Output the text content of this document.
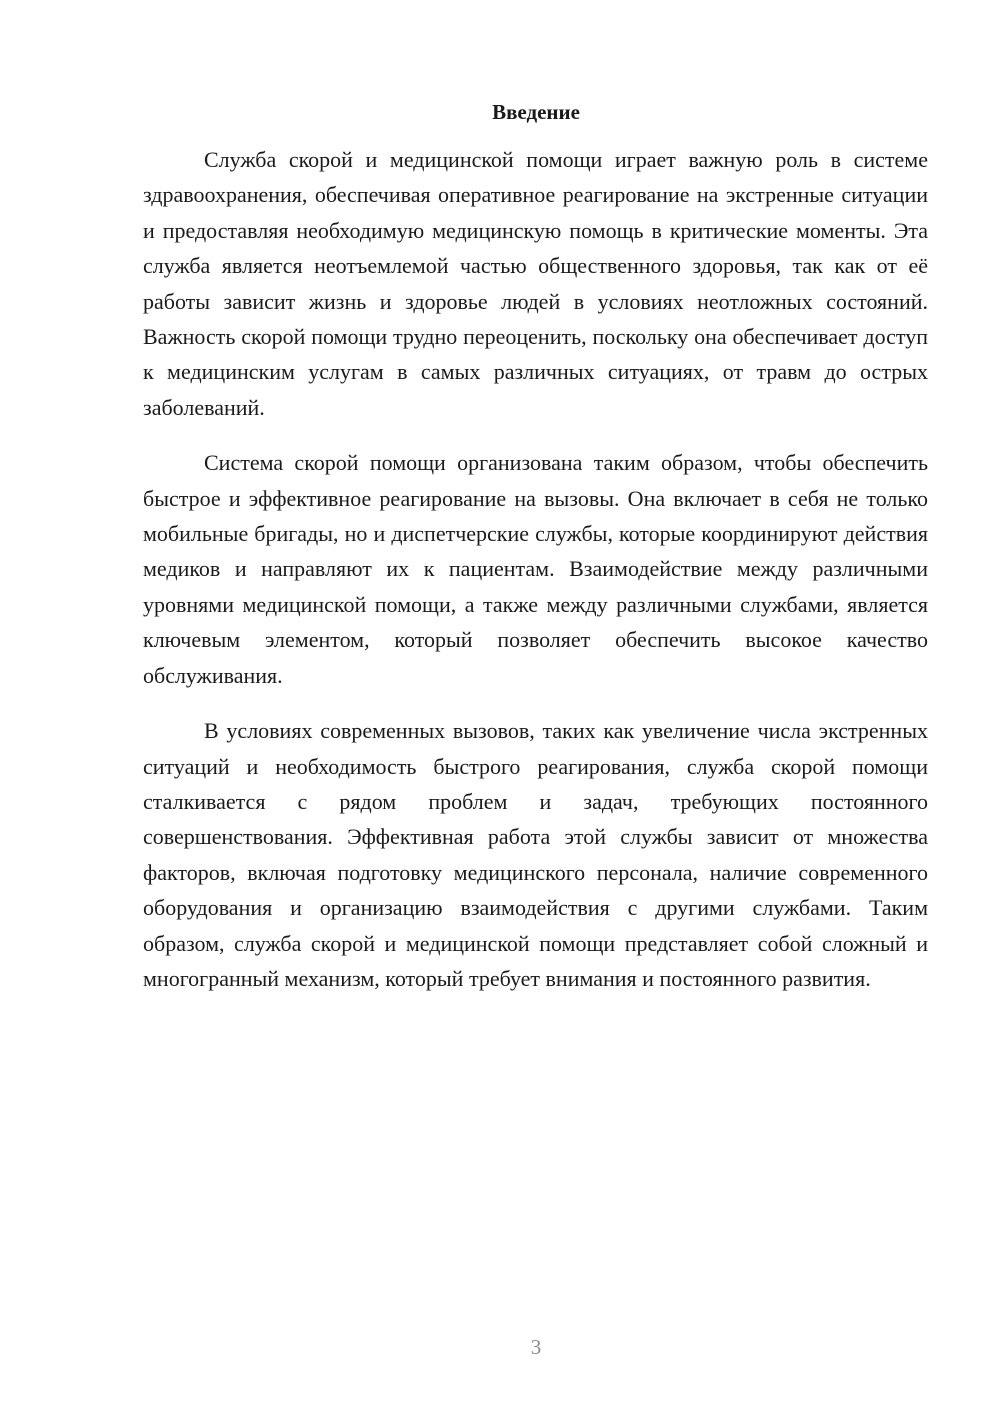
Введение

Служба скорой и медицинской помощи играет важную роль в системе здравоохранения, обеспечивая оперативное реагирование на экстренные ситуации и предоставляя необходимую медицинскую помощь в критические моменты. Эта служба является неотъемлемой частью общественного здоровья, так как от её работы зависит жизнь и здоровье людей в условиях неотложных состояний. Важность скорой помощи трудно переоценить, поскольку она обеспечивает доступ к медицинским услугам в самых различных ситуациях, от травм до острых заболеваний.

Система скорой помощи организована таким образом, чтобы обеспечить быстрое и эффективное реагирование на вызовы. Она включает в себя не только мобильные бригады, но и диспетчерские службы, которые координируют действия медиков и направляют их к пациентам. Взаимодействие между различными уровнями медицинской помощи, а также между различными службами, является ключевым элементом, который позволяет обеспечить высокое качество обслуживания.

В условиях современных вызовов, таких как увеличение числа экстренных ситуаций и необходимость быстрого реагирования, служба скорой помощи сталкивается с рядом проблем и задач, требующих постоянного совершенствования. Эффективная работа этой службы зависит от множества факторов, включая подготовку медицинского персонала, наличие современного оборудования и организацию взаимодействия с другими службами. Таким образом, служба скорой и медицинской помощи представляет собой сложный и многогранный механизм, который требует внимания и постоянного развития.

3
